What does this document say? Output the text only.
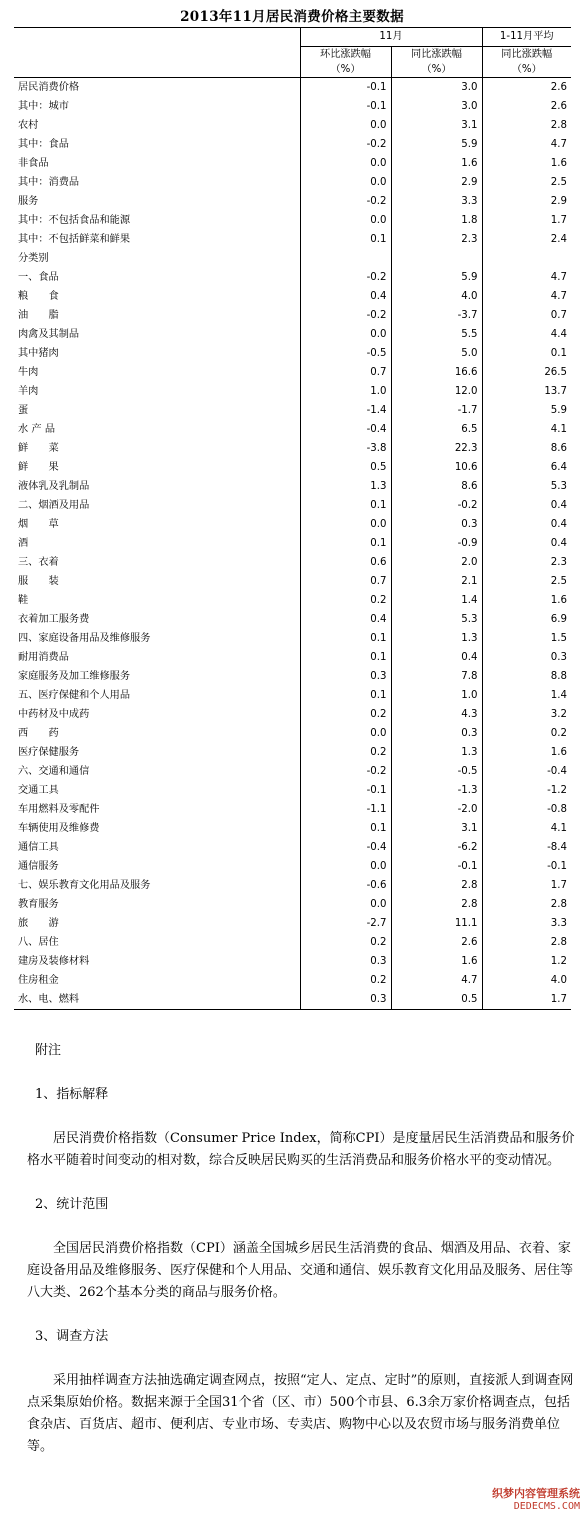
2013年11月居民消费价格主要数据
	11月		1-11月平均
	环比涨跌幅	同比涨跌幅	同比涨跌幅
	（%）	（%）	（%）
居民消费价格	-0.1	3.0	2.6
其中：城市	-0.1	3.0	2.6
农村	0.0	3.1	2.8
其中：食品	-0.2	5.9	4.7
非食品	0.0	1.6	1.6
其中：消费品	0.0	2.9	2.5
服务	-0.2	3.3	2.9
其中：不包括食品和能源	0.0	1.8	1.7
其中：不包括鲜菜和鲜果	0.1	2.3	2.4
分类别			
一、食品	-0.2	5.9	4.7
粮　　食	0.4	4.0	4.7
油　　脂	-0.2	-3.7	0.7
肉禽及其制品	0.0	5.5	4.4
其中猪肉	-0.5	5.0	0.1
牛肉	0.7	16.6	26.5
羊肉	1.0	12.0	13.7
蛋	-1.4	-1.7	5.9
水 产 品	-0.4	6.5	4.1
鲜　　菜	-3.8	22.3	8.6
鲜　　果	0.5	10.6	6.4
液体乳及乳制品	1.3	8.6	5.3
二、烟酒及用品	0.1	-0.2	0.4
烟　　草	0.0	0.3	0.4
酒	0.1	-0.9	0.4
三、衣着	0.6	2.0	2.3
服　　装	0.7	2.1	2.5
鞋	0.2	1.4	1.6
衣着加工服务费	0.4	5.3	6.9
四、家庭设备用品及维修服务	0.1	1.3	1.5
耐用消费品	0.1	0.4	0.3
家庭服务及加工维修服务	0.3	7.8	8.8
五、医疗保健和个人用品	0.1	1.0	1.4
中药材及中成药	0.2	4.3	3.2
西　　药	0.0	0.3	0.2
医疗保健服务	0.2	1.3	1.6
六、交通和通信	-0.2	-0.5	-0.4
交通工具	-0.1	-1.3	-1.2
车用燃料及零配件	-1.1	-2.0	-0.8
车辆使用及维修费	0.1	3.1	4.1
通信工具	-0.4	-6.2	-8.4
通信服务	0.0	-0.1	-0.1
七、娱乐教育文化用品及服务	-0.6	2.8	1.7
教育服务	0.0	2.8	2.8
旅　　游	-2.7	11.1	3.3
八、居住	0.2	2.6	2.8
建房及装修材料	0.3	1.6	1.2
住房租金	0.2	4.7	4.0
水、电、燃料	0.3	0.5	1.7

附注

1、指标解释

居民消费价格指数（Consumer Price Index，简称CPI）是度量居民生活消费品和服务价格水平随着时间变动的相对数，综合反映居民购买的生活消费品和服务价格水平的变动情况。

2、统计范围

全国居民消费价格指数（CPI）涵盖全国城乡居民生活消费的食品、烟酒及用品、衣着、家庭设备用品及维修服务、医疗保健和个人用品、交通和通信、娱乐教育文化用品及服务、居住等八大类、262个基本分类的商品与服务价格。

3、调查方法

采用抽样调查方法抽选确定调查网点，按照“定人、定点、定时”的原则，直接派人到调查网点采集原始价格。数据来源于全国31个省（区、市）500个市县、6.3余万家价格调查点，包括食杂店、百货店、超市、便利店、专业市场、专卖店、购物中心以及农贸市场与服务消费单位等。

织梦内容管理系统
DEDECMS.COM
